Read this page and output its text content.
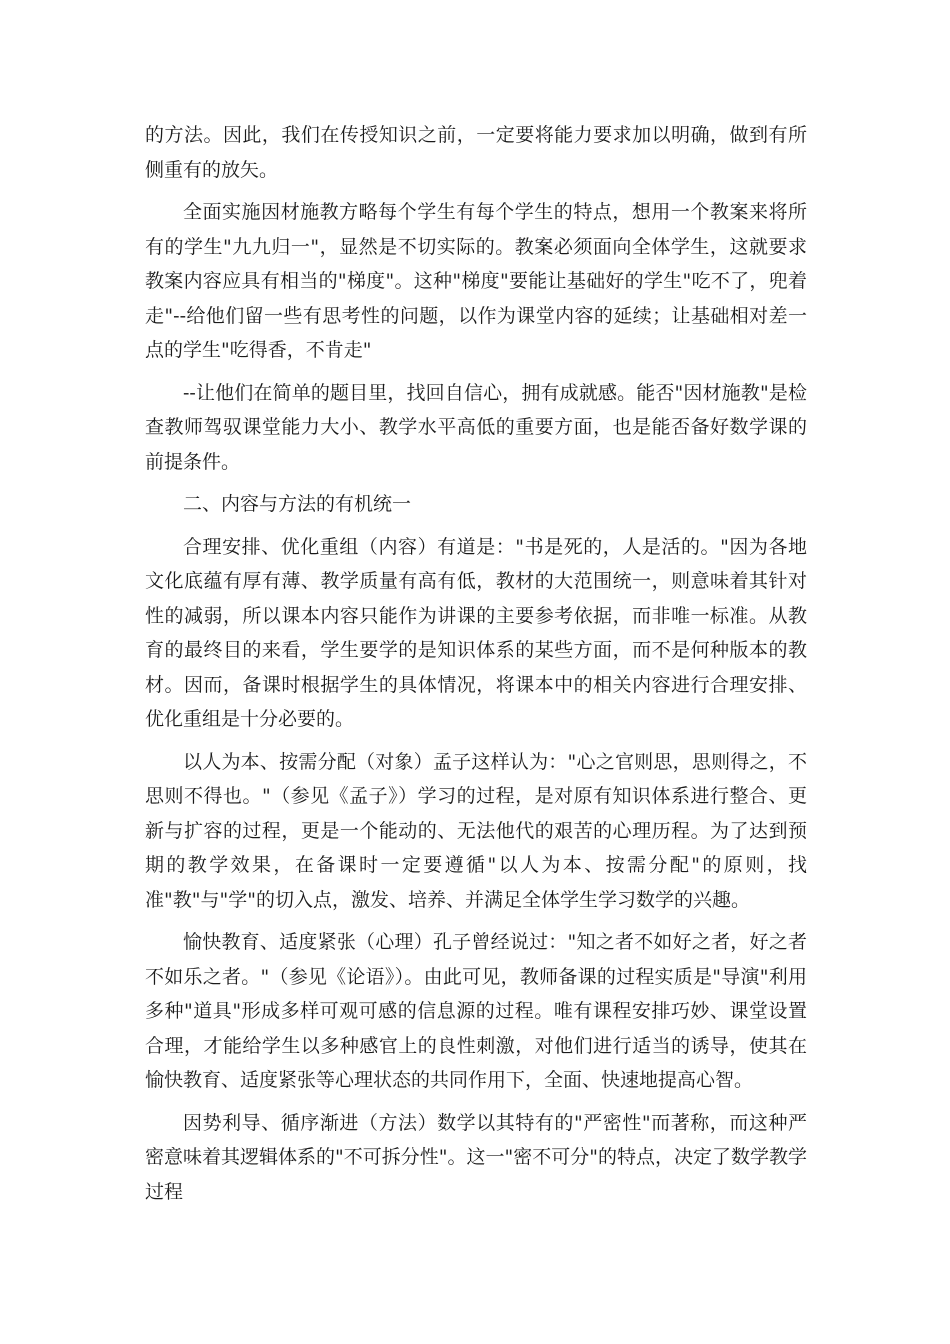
的方法。因此，我们在传授知识之前，一定要将能力要求加以明确，做到有所侧重有的放矢。

全面实施因材施教方略每个学生有每个学生的特点，想用一个教案来将所有的学生"九九归一"，显然是不切实际的。教案必须面向全体学生，这就要求教案内容应具有相当的"梯度"。这种"梯度"要能让基础好的学生"吃不了，兜着走"--给他们留一些有思考性的问题，以作为课堂内容的延续；让基础相对差一点的学生"吃得香，不肯走"

--让他们在简单的题目里，找回自信心，拥有成就感。能否"因材施教"是检查教师驾驭课堂能力大小、教学水平高低的重要方面，也是能否备好数学课的前提条件。

二、内容与方法的有机统一

合理安排、优化重组（内容）有道是："书是死的，人是活的。"因为各地文化底蕴有厚有薄、教学质量有高有低，教材的大范围统一，则意味着其针对性的减弱，所以课本内容只能作为讲课的主要参考依据，而非唯一标准。从教育的最终目的来看，学生要学的是知识体系的某些方面，而不是何种版本的教材。因而，备课时根据学生的具体情况，将课本中的相关内容进行合理安排、优化重组是十分必要的。

以人为本、按需分配（对象）孟子这样认为："心之官则思，思则得之，不思则不得也。"（参见《孟子》）学习的过程，是对原有知识体系进行整合、更新与扩容的过程，更是一个能动的、无法他代的艰苦的心理历程。为了达到预期的教学效果，在备课时一定要遵循"以人为本、按需分配"的原则，找准"教"与"学"的切入点，激发、培养、并满足全体学生学习数学的兴趣。

愉快教育、适度紧张（心理）孔子曾经说过："知之者不如好之者，好之者不如乐之者。"（参见《论语》）。由此可见，教师备课的过程实质是"导演"利用多种"道具"形成多样可观可感的信息源的过程。唯有课程安排巧妙、课堂设置合理，才能给学生以多种感官上的良性刺激，对他们进行适当的诱导，使其在愉快教育、适度紧张等心理状态的共同作用下，全面、快速地提高心智。

因势利导、循序渐进（方法）数学以其特有的"严密性"而著称，而这种严密意味着其逻辑体系的"不可拆分性"。这一"密不可分"的特点，决定了数学教学过程
